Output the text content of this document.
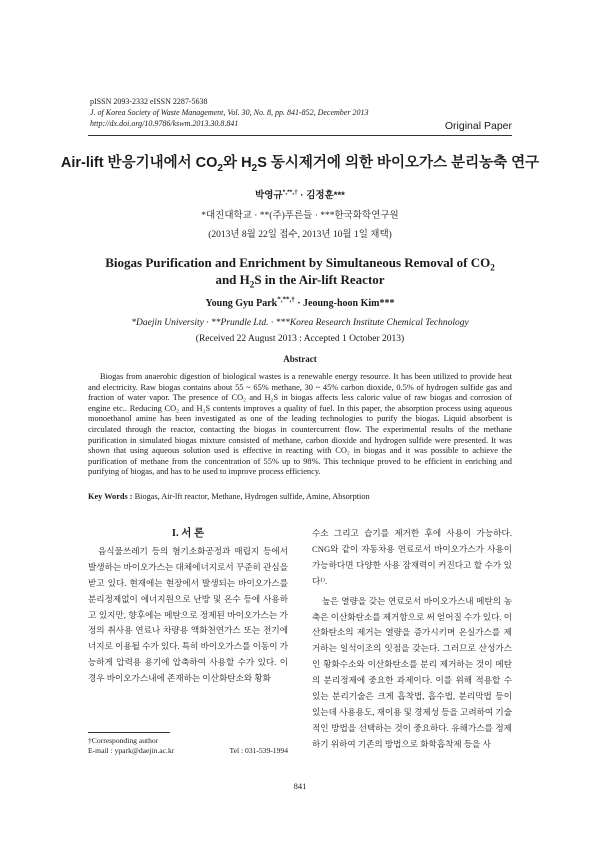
pISSN 2093-2332 eISSN 2287-5638
J. of Korea Society of Waste Management, Vol. 30, No. 8, pp. 841-852, December 2013
http://dx.doi.org/10.9786/kswm.2013.30.8.841	Original Paper
Air-lift 반응기내에서 $CO_2$와 $H_2S$ 동시제거에 의한 바이오가스 분리농축 연구
박영규*,**,† · 김정훈***
*대진대학교 · **(주)푸른들 · ***한국화학연구원
(2013년 8월 22일 접수, 2013년 10월 1일 채택)
Biogas Purification and Enrichment by Simultaneous Removal of $CO_2$
and $H_2S$ in the Air-lift Reactor
Young Gyu Park*,**,† · Jeoung-hoon Kim***
*Daejin University · **Prundle Ltd. · ***Korea Research Institute Chemical Technology
(Received 22 August 2013 : Accepted 1 October 2013)
Abstract
Biogas from anaerobic digestion of biological wastes is a renewable energy resource. It has been utilized to provide heat and electricity. Raw biogas contains about 55 ~ 65% methane, 30 ~ 45% carbon dioxide, 0.5% of hydrogen sulfide gas and fraction of water vapor. The presence of CO₂ and H₂S in biogas affects less caloric value of raw biogas and corrosion of engine etc.. Reducing CO₂ and H₂S contents improves a quality of fuel. In this paper, the absorption process using aqueous monoethanol amine has been investigated as one of the leading technologies to purify the biogas. Liquid absorbent is circulated through the reactor, contacting the biogas in countercurrent flow. The experimental results of the methane purification in simulated biogas mixture consisted of methane, carbon dioxide and hydrogen sulfide were presented. It was shown that using aqueous solution used is effective in reacting with CO₂ in biogas and it was possible to achieve the purification of methane from the concentration of 55% up to 98%. This technique proved to be efficient in enriching and purifying of biogas, and has to be used to improve process efficiency.
Key Words : Biogas, Air-lft reactor, Methane, Hydrogen sulfide, Amine, Absorption
I. 서 론

음식물쓰레기 등의 혐기소화공정과 매립지 등에서 발생하는 바이오가스는 대체에너지로서 꾸준히 관심을 받고 있다. 현재에는 현장에서 발생되는 바이오가스를 분리정제없이 에너지원으로 난방 및 온수 등에 사용하고 있지만, 향후에는 메탄으로 정제된 바이오가스는 가정의 취사용 연료나 차량용 액화천연가스 또는 전기에너지로 이용될 수가 있다. 특히 바이오가스를 이동이 가능하게 압력용 용기에 압축하여 사용할 수가 있다. 이 경우 바이오가스내에 존재하는 이산화탄소와 황화

수소 그리고 습기를 제거한 후에 사용이 가능하다. CNG와 같이 자동차용 연료로서 바이오가스가 사용이 가능하다면 다양한 사용 잠재력이 커진다고 할 수가 있다¹⁾.

높은 열량을 갖는 연료로서 바이오가스내 메탄의 농축은 이산화탄소를 제거함으로 써 얻어질 수가 있다. 이산화탄소의 제거는 열량을 증가시키며 온실가스를 제거하는 일석이조의 잇점을 갖는다. 그러므로 산성가스인 황화수소와 이산화탄소를 분리 제거하는 것이 메탄의 분리정제에 중요한 과제이다. 이를 위해 적용할 수 있는 분리기술은 크게 흡착법, 흡수법, 분리막법 등이 있는데 사용용도, 재이용 및 경제성 등을 고려하여 기술적인 방법을 선택하는 것이 중요하다. 유해가스를 정제하기 위하여 기존의 방법으로 화학흡착제 등을 사

†Corresponding author
E-mail : ypark@daejin.ac.kr	Tel : 031-539-1994
841
